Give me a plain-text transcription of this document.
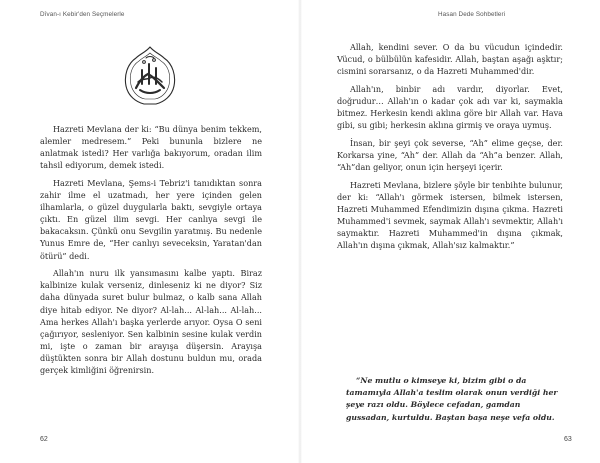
Dîvan-ı Kebir'den Seçmelerle

Hazreti Mevlana der ki: “Bu dünya benim tekkem, alemler medresem.” Peki bununla bizlere ne anlatmak istedi? Her varlığa bakıyorum, oradan ilim tahsil ediyorum, demek istedi.

Hazreti Mevlana, Şems-i Tebriz'i tanıdıktan sonra zahir ilme el uzatmadı, her yere içinden gelen ilhamlarla, o güzel duygularla baktı, sevgiyle ortaya çıktı. En güzel ilim sevgi. Her canlıya sevgi ile bakacaksın. Çünkü onu Sevgilin yaratmış. Bu nedenle Yunus Emre de, “Her canlıyı seveceksin, Yaratan'dan ötürü” dedi.

Allah'ın nuru ilk yansımasını kalbe yaptı. Biraz kalbinize kulak verseniz, dinleseniz ki ne diyor? Siz daha dünyada suret bulur bulmaz, o kalb sana Allah diye hitab ediyor. Ne diyor? Al-lah... Al-lah... Al-lah... Ama herkes Allah'ı başka yerlerde arıyor. Oysa O seni çağırıyor, sesleniyor. Sen kalbinin sesine kulak verdin mi, işte o zaman bir arayışa düşersin. Arayışa düştükten sonra bir Allah dostunu buldun mu, orada gerçek kimliğini öğrenirsin.

62
Hasan Dede Sohbetleri

Allah, kendini sever. O da bu vücudun içindedir. Vücud, o bülbülün kafesidir. Allah, baştan aşağı aşktır; cismini sorarsanız, o da Hazreti Muhammed'dir.

Allah'ın, binbir adı vardır, diyorlar. Evet, doğrudur… Allah'ın o kadar çok adı var ki, saymakla bitmez. Herkesin kendi aklına göre bir Allah var. Hava gibi, su gibi; herkesin aklına girmiş ve oraya uymuş.

İnsan, bir şeyi çok severse, “Ah” elime geçse, der. Korkarsa yine, “Ah” der. Allah da “Ah”a benzer. Allah, “Ah”dan geliyor, onun için herşeyi içerir.

Hazreti Mevlana, bizlere şöyle bir tenbihte bulunur, der ki: “Allah'ı görmek istersen, bilmek istersen, Hazreti Muhammed Efendimizin dışına çıkma. Hazreti Muhammed'i sevmek, saymak Allah'ı sevmektir, Allah'ı saymaktır. Hazreti Muhammed'in dışına çıkmak, Allah'ın dışına çıkmak, Allah'sız kalmaktır.”

“Ne mutlu o kimseye ki, bizim gibi o da tamamıyla Allah'a teslim olarak onun verdiği her şeye razı oldu. Böylece cefadan, gamdan gussadan, kurtuldu. Baştan başa neşe vefa oldu.

63
